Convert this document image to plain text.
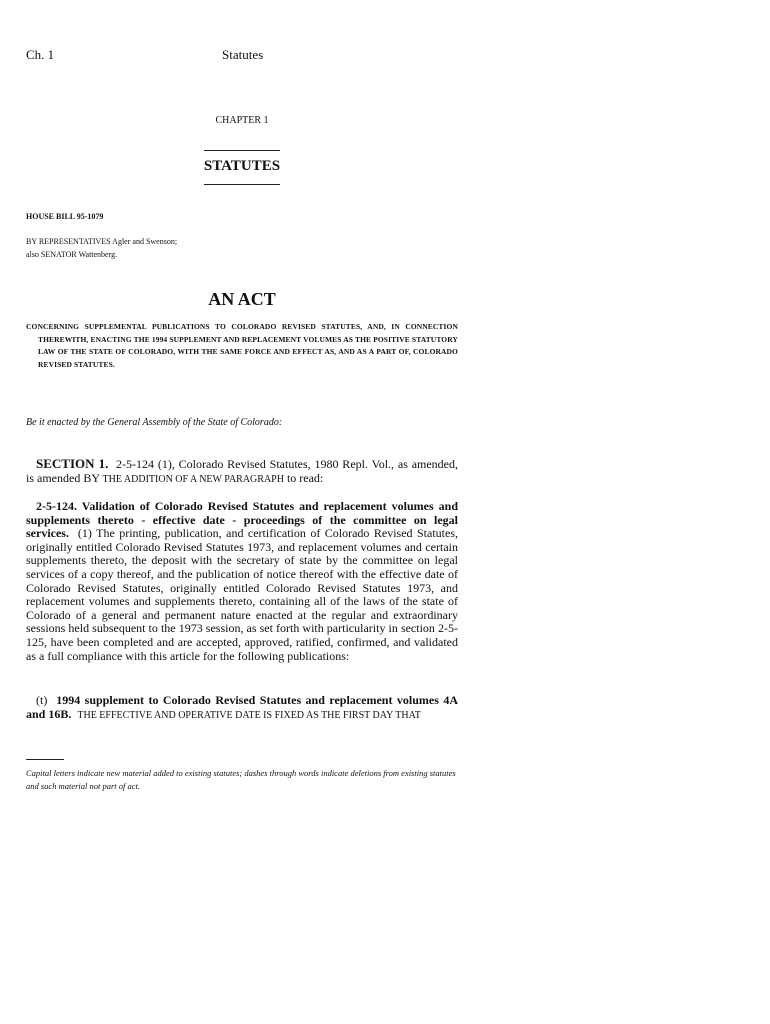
Ch. 1	Statutes
CHAPTER 1
STATUTES
HOUSE BILL 95-1079
BY REPRESENTATIVES Agler and Swenson;
also SENATOR Wattenberg.
AN ACT

CONCERNING SUPPLEMENTAL PUBLICATIONS TO COLORADO REVISED STATUTES, AND, IN CONNECTION THEREWITH, ENACTING THE 1994 SUPPLEMENT AND REPLACEMENT VOLUMES AS THE POSITIVE STATUTORY LAW OF THE STATE OF COLORADO, WITH THE SAME FORCE AND EFFECT AS, AND AS A PART OF, COLORADO REVISED STATUTES.

Be it enacted by the General Assembly of the State of Colorado:

SECTION 1. 2-5-124 (1), Colorado Revised Statutes, 1980 Repl. Vol., as amended, is amended BY THE ADDITION OF A NEW PARAGRAPH to read:

2-5-124. Validation of Colorado Revised Statutes and replacement volumes and supplements thereto - effective date - proceedings of the committee on legal services. (1) The printing, publication, and certification of Colorado Revised Statutes, originally entitled Colorado Revised Statutes 1973, and replacement volumes and certain supplements thereto, the deposit with the secretary of state by the committee on legal services of a copy thereof, and the publication of notice thereof with the effective date of Colorado Revised Statutes, originally entitled Colorado Revised Statutes 1973, and replacement volumes and supplements thereto, containing all of the laws of the state of Colorado of a general and permanent nature enacted at the regular and extraordinary sessions held subsequent to the 1973 session, as set forth with particularity in section 2-5-125, have been completed and are accepted, approved, ratified, confirmed, and validated as a full compliance with this article for the following publications:

(t) 1994 supplement to Colorado Revised Statutes and replacement volumes 4A and 16B. THE EFFECTIVE AND OPERATIVE DATE IS FIXED AS THE FIRST DAY THAT

Capital letters indicate new material added to existing statutes; dashes through words indicate deletions from existing statutes and such material not part of act.
